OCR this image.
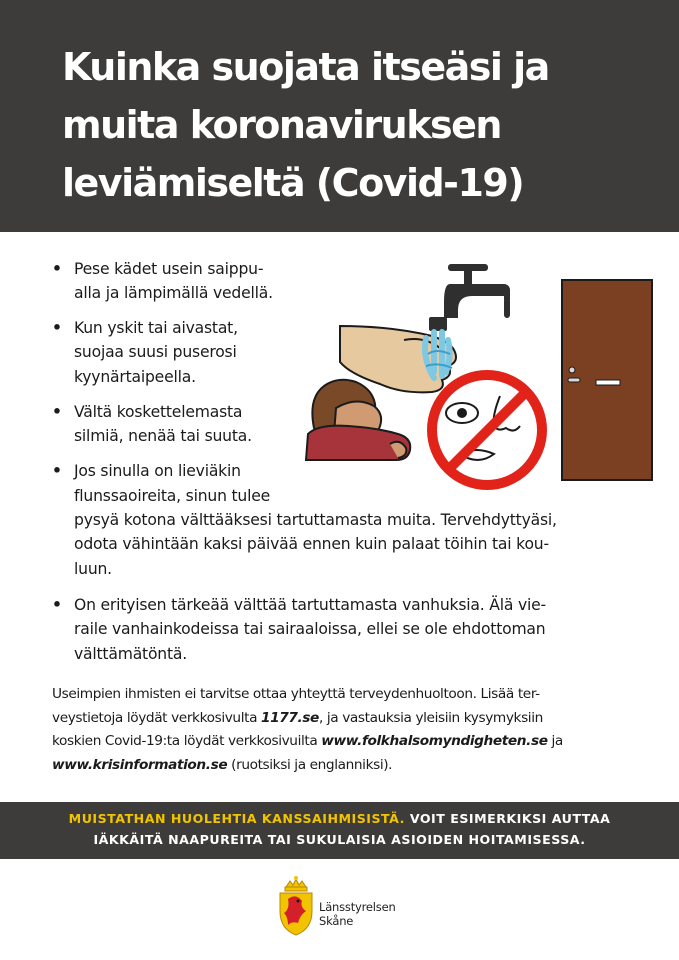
Kuinka suojata itseäsi ja
muita koronaviruksen
leviämiseltä (Covid-19)
• Pese kädet usein saippu-
alla ja lämpimällä vedellä.
• Kun yskit tai aivastat,
suojaa suusi puserosi
kyynärtaipeella.
• Vältä koskettelemasta
silmiä, nenää tai suuta.
• Jos sinulla on lieviäkin
flunssaoireita, sinun tulee
pysyä kotona välttääksesi tartuttamasta muita. Tervehdyttyäsi,
odota vähintään kaksi päivää ennen kuin palaat töihin tai kou-
luun.
• On erityisen tärkeää välttää tartuttamasta vanhuksia. Älä vie-
raile vanhainkodeissa tai sairaaloissa, ellei se ole ehdottoman
välttämätöntä.

Useimpien ihmisten ei tarvitse ottaa yhteyttä terveydenhuoltoon. Lisää ter-
veystietoja löydät verkkosivulta 1177.se, ja vastauksia yleisiin kysymyksiin
koskien Covid-19:ta löydät verkkosivuilta www.folkhalsomyndigheten.se ja
www.krisinformation.se (ruotsiksi ja englanniksi).

MUISTATHAN HUOLEHTIA KANSSAIHMISISTÄ. VOIT ESIMERKIKSI AUTTAA
IÄKKÄITÄ NAAPUREITA TAI SUKULAISIA ASIOIDEN HOITAMISESSA.

Länsstyrelsen
Skåne
